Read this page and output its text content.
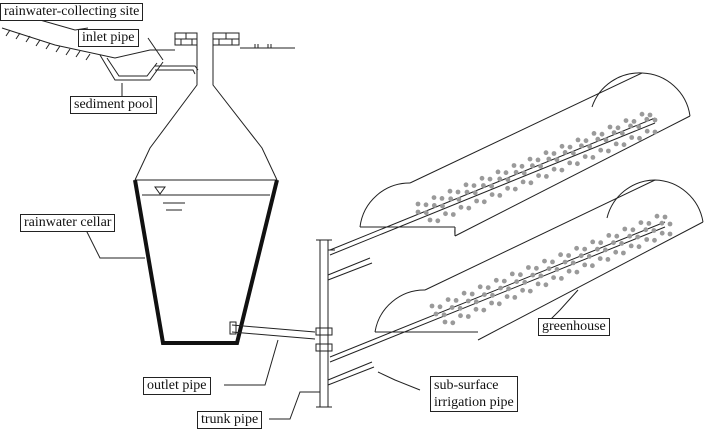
rainwater-collecting site
inlet pipe
sediment pool
rainwater cellar
outlet pipe
trunk pipe
greenhouse
sub-surface
irrigation pipe
